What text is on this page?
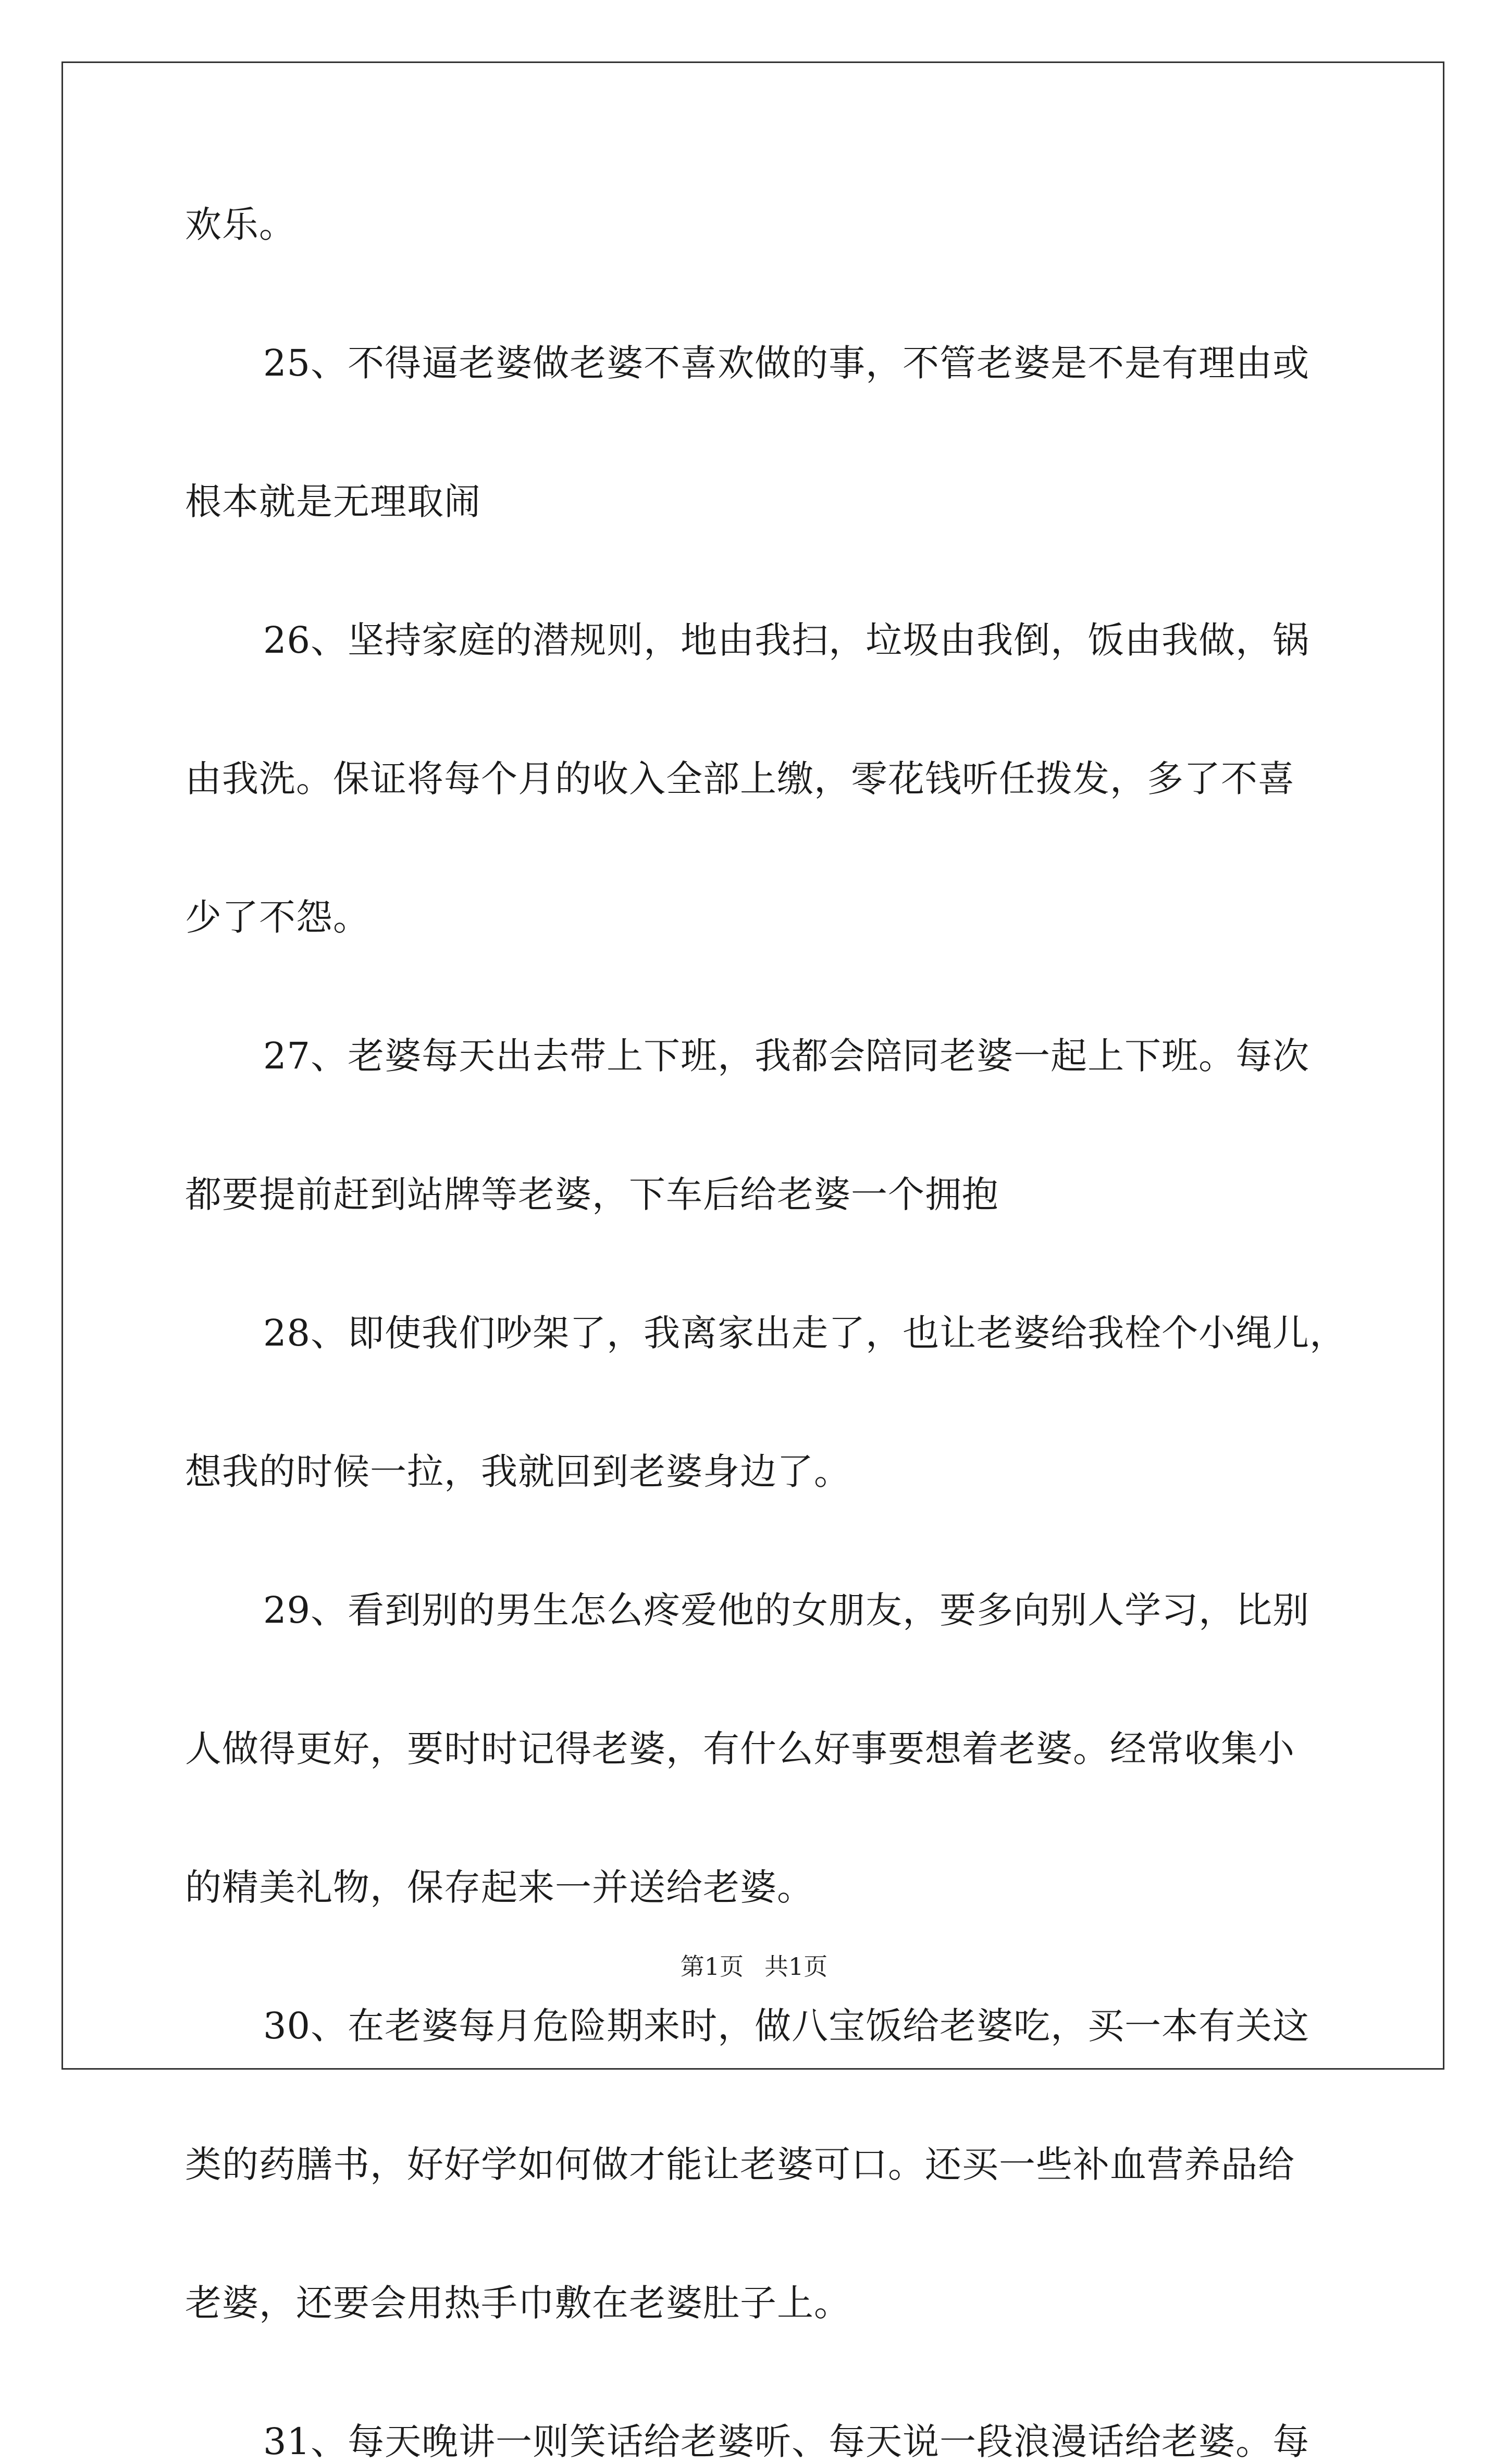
欢乐。
25、不得逼老婆做老婆不喜欢做的事，不管老婆是不是有理由或
根本就是无理取闹
26、坚持家庭的潜规则，地由我扫，垃圾由我倒，饭由我做，锅
由我洗。保证将每个月的收入全部上缴，零花钱听任拨发，多了不喜
少了不怨。
27、老婆每天出去带上下班，我都会陪同老婆一起上下班。每次
都要提前赶到站牌等老婆，下车后给老婆一个拥抱
28、即使我们吵架了，我离家出走了，也让老婆给我栓个小绳儿，
想我的时候一拉，我就回到老婆身边了。
29、看到别的男生怎么疼爱他的女朋友，要多向别人学习，比别
人做得更好，要时时记得老婆，有什么好事要想着老婆。经常收集小
的精美礼物，保存起来一并送给老婆。
30、在老婆每月危险期来时，做八宝饭给老婆吃，买一本有关这
类的药膳书，好好学如何做才能让老婆可口。还买一些补血营养品给
老婆，还要会用热手巾敷在老婆肚子上。
31、每天晚讲一则笑话给老婆听、每天说一段浪漫话给老婆。每
第1页 共1页
